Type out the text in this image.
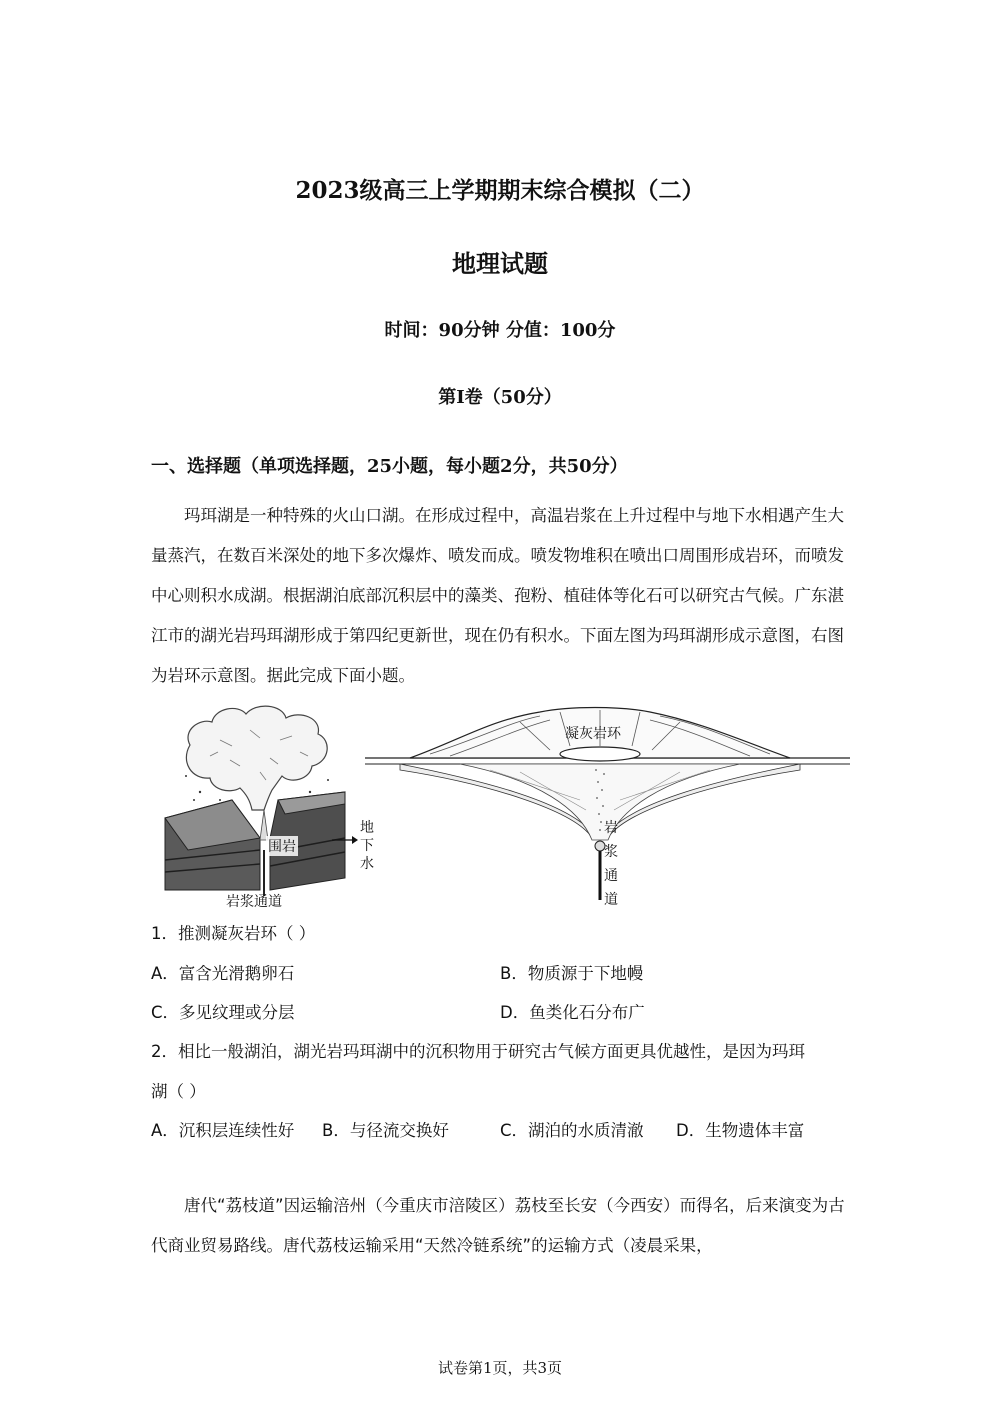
2023级高三上学期期末综合模拟（二）
地理试题
时间：90分钟 分值：100分
第Ⅰ卷（50分）
一、选择题（单项选择题，25小题，每小题2分，共50分）
玛珥湖是一种特殊的火山口湖。在形成过程中，高温岩浆在上升过程中与地下水相遇产生大量蒸汽，在数百米深处的地下多次爆炸、喷发而成。喷发物堆积在喷出口周围形成岩环，而喷发中心则积水成湖。根据湖泊底部沉积层中的藻类、孢粉、植硅体等化石可以研究古气候。广东湛江市的湖光岩玛珥湖形成于第四纪更新世，现在仍有积水。下面左图为玛珥湖形成示意图，右图为岩环示意图。据此完成下面小题。
围岩
岩浆通道
地
下
水
凝灰岩环
岩
浆
通
道
1．推测凝灰岩环（ ）
A．富含光滑鹅卵石	B．物质源于下地幔
C．多见纹理或分层	D．鱼类化石分布广
2．相比一般湖泊，湖光岩玛珥湖中的沉积物用于研究古气候方面更具优越性，是因为玛珥
湖（ ）
A．沉积层连续性好 B．与径流交换好	C．湖泊的水质清澈 D．生物遗体丰富
唐代“荔枝道”因运输涪州（今重庆市涪陵区）荔枝至长安（今西安）而得名，后来演变为古代商业贸易路线。唐代荔枝运输采用“天然冷链系统”的运输方式（凌晨采果，
试卷第1页，共3页
